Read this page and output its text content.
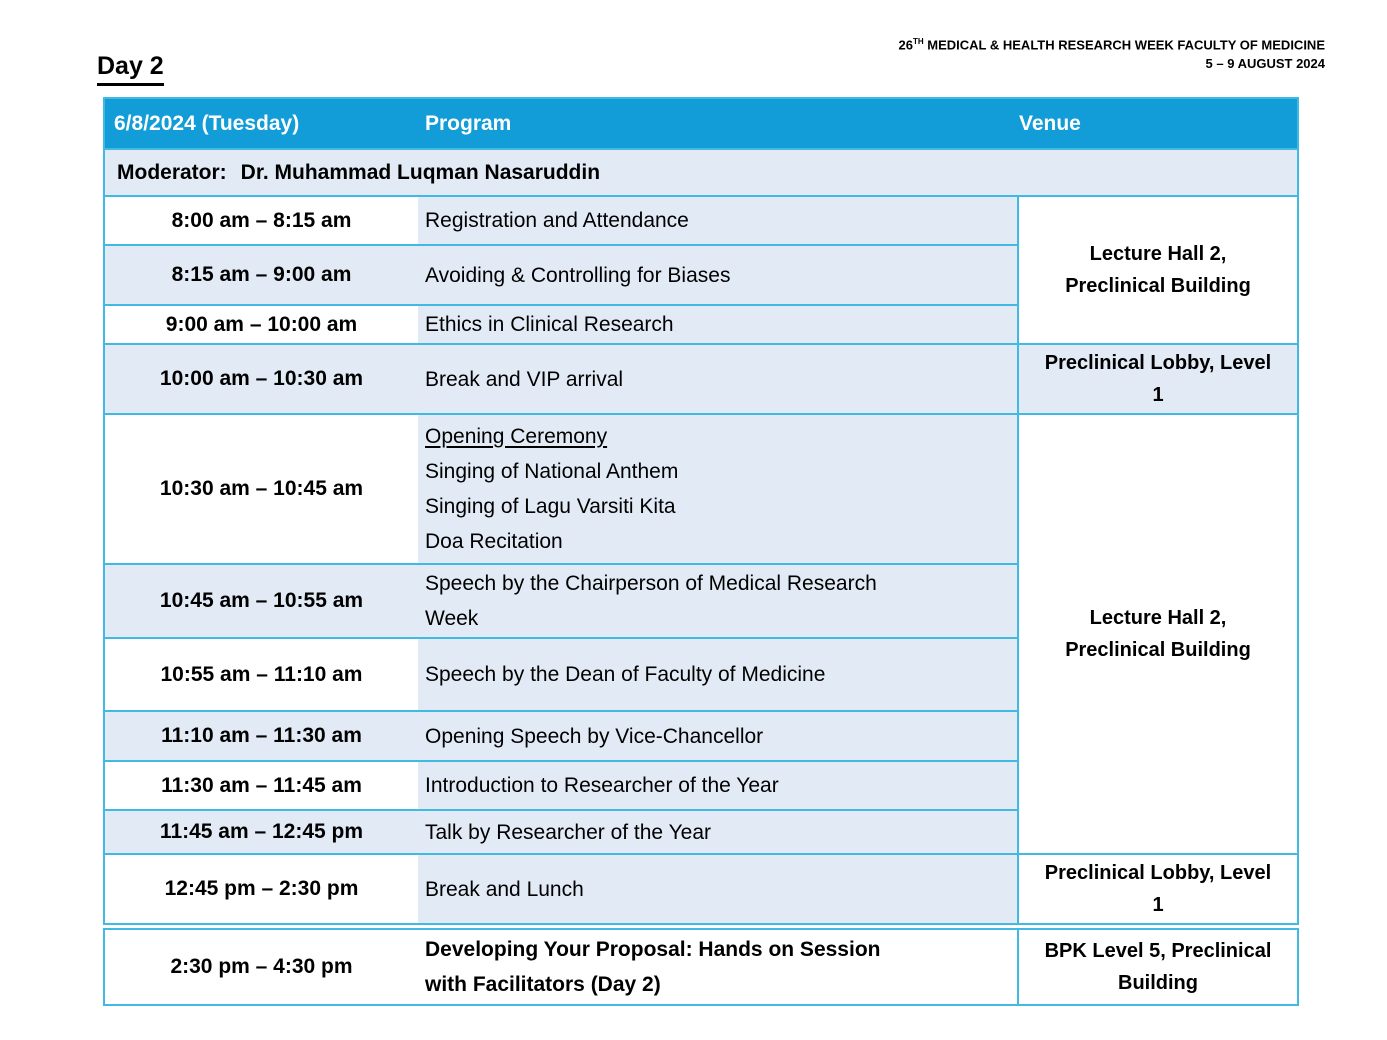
26TH MEDICAL & HEALTH RESEARCH WEEK FACULTY OF MEDICINE
5 – 9 AUGUST 2024
Day 2
6/8/2024 (Tuesday)	Program	Venue
Moderator: Dr. Muhammad Luqman Nasaruddin		
8:00 am – 8:15 am	Registration and Attendance	Lecture Hall 2,
Preclinical Building

8:15 am – 9:00 am	Avoiding & Controlling for Biases	

9:00 am – 10:00 am	Ethics in Clinical Research	

10:00 am – 10:30 am	Break and VIP arrival	Preclinical Lobby, Level
1

10:30 am – 10:45 am	Opening Ceremony
Singing of National Anthem
Singing of Lagu Varsiti Kita
Doa Recitation	Lecture Hall 2,
Preclinical Building

10:45 am – 10:55 am	Speech by the Chairperson of Medical Research
Week	

10:55 am – 11:10 am	Speech by the Dean of Faculty of Medicine	

11:10 am – 11:30 am	Opening Speech by Vice-Chancellor	

11:30 am – 11:45 am	Introduction to Researcher of the Year	

11:45 am – 12:45 pm	Talk by Researcher of the Year	

12:45 pm – 2:30 pm	Break and Lunch	Preclinical Lobby, Level
1

2:30 pm – 4:30 pm	Developing Your Proposal: Hands on Session
with Facilitators (Day 2)	BPK Level 5, Preclinical
Building
